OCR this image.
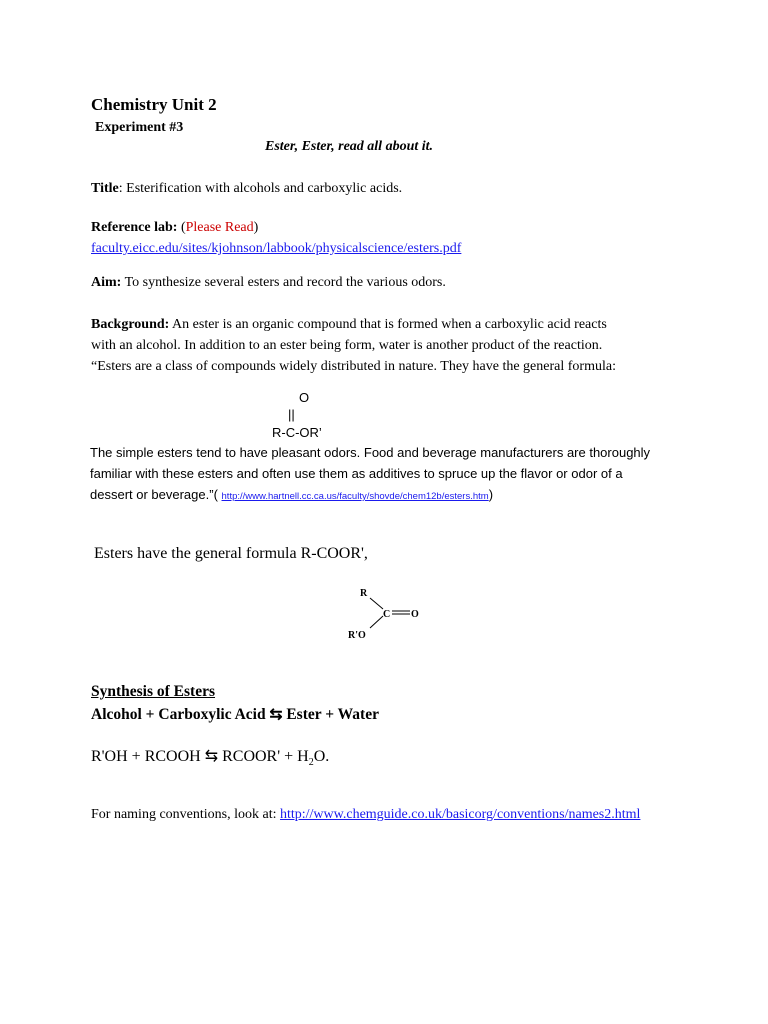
Chemistry Unit 2
Experiment #3
Ester, Ester, read all about it.
Title: Esterification with alcohols and carboxylic acids.
Reference lab: (Please Read)
faculty.eicc.edu/sites/kjohnson/labbook/physicalscience/esters.pdf
Aim: To synthesize several esters and record the various odors.
Background: An ester is an organic compound that is formed when a carboxylic acid reacts
with an alcohol. In addition to an ester being form, water is another product of the reaction.
“Esters are a class of compounds widely distributed in nature. They have the general formula:
O
||
R-C-OR’
The simple esters tend to have pleasant odors. Food and beverage manufacturers are thoroughly
familiar with these esters and often use them as additives to spruce up the flavor or odor of a
dessert or beverage.”( http://www.hartnell.cc.ca.us/faculty/shovde/chem12b/esters.htm)
Esters have the general formula R-COOR',
R
C O
R'O
Synthesis of Esters
Alcohol + Carboxylic Acid ⇆ Ester + Water
R'OH + RCOOH ⇆ RCOOR' + $H_2O$.
For naming conventions, look at: http://www.chemguide.co.uk/basicorg/conventions/names2.html
